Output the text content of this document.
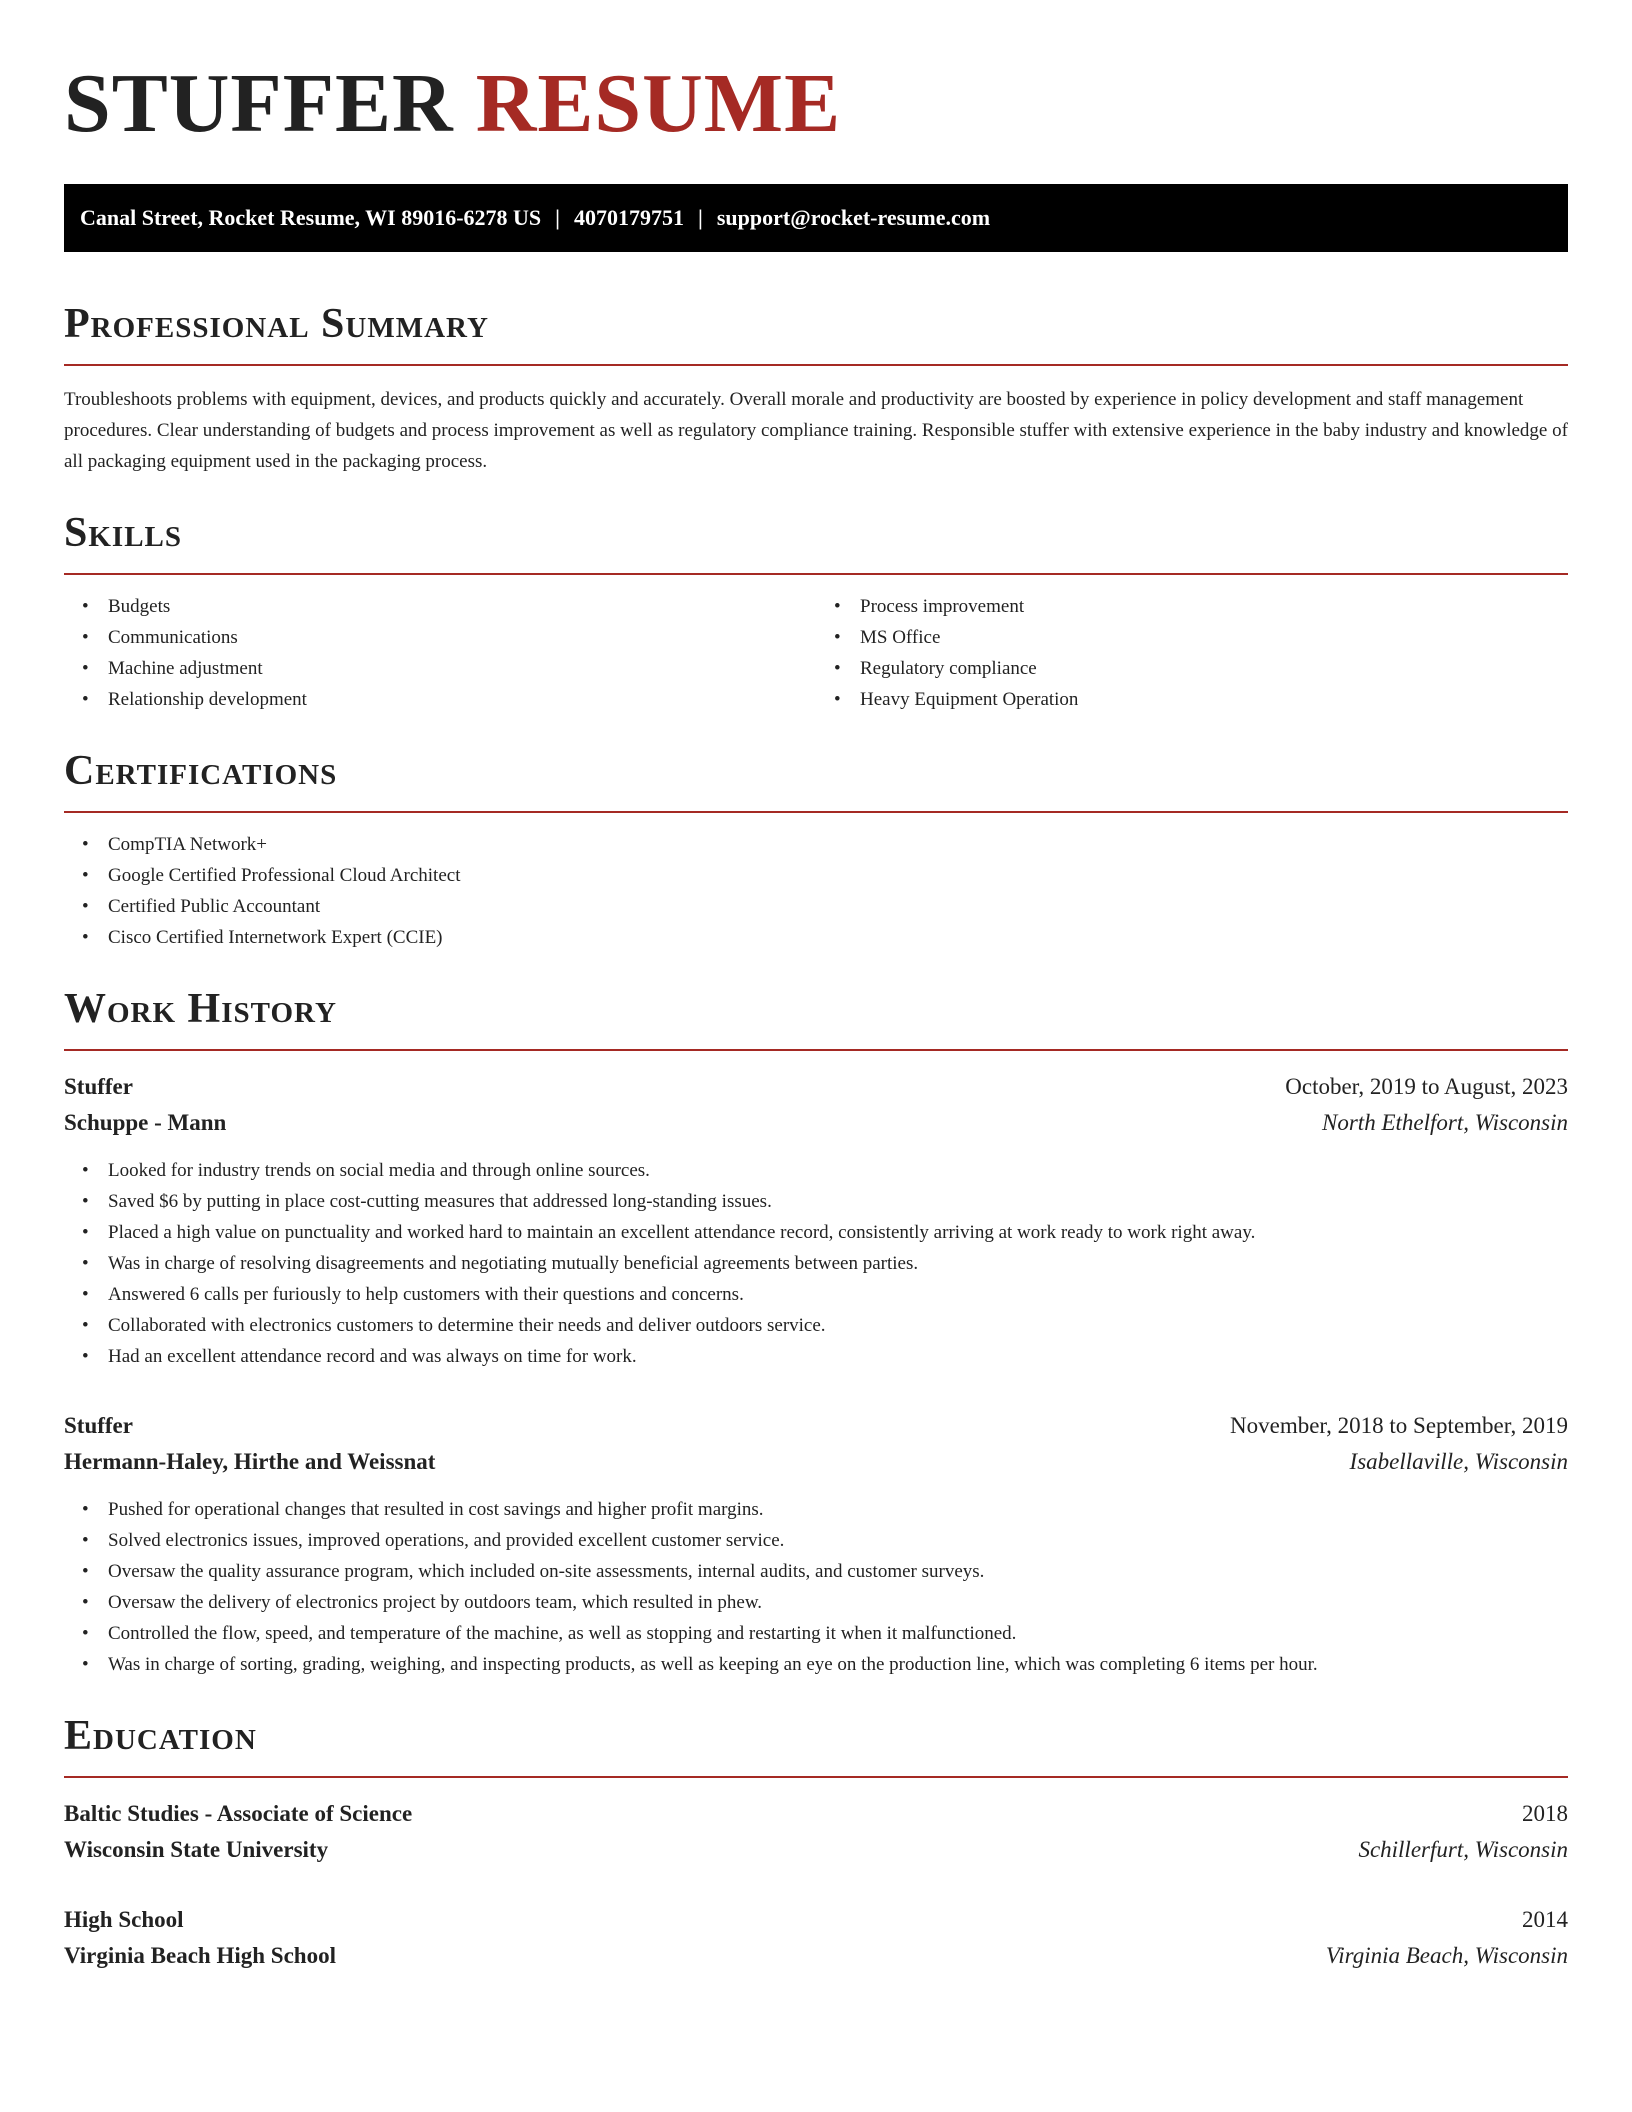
STUFFER RESUME
Canal Street, Rocket Resume, WI 89016-6278 US | 4070179751 | support@rocket-resume.com
Professional Summary

Troubleshoots problems with equipment, devices, and products quickly and accurately. Overall morale and productivity are boosted by experience in policy development and staff management procedures. Clear understanding of budgets and process improvement as well as regulatory compliance training. Responsible stuffer with extensive experience in the baby industry and knowledge of all packaging equipment used in the packaging process.

Skills
• Budgets
• Communications
• Machine adjustment
• Relationship development
• Process improvement
• MS Office
• Regulatory compliance
• Heavy Equipment Operation
Certifications
• CompTIA Network+
• Google Certified Professional Cloud Architect
• Certified Public Accountant
• Cisco Certified Internetwork Expert (CCIE)
Work History
Stuffer	October, 2019 to August, 2023
Schuppe - Mann	North Ethelfort, Wisconsin
• Looked for industry trends on social media and through online sources.
• Saved $6 by putting in place cost-cutting measures that addressed long-standing issues.
• Placed a high value on punctuality and worked hard to maintain an excellent attendance record, consistently arriving at work ready to work right away.
• Was in charge of resolving disagreements and negotiating mutually beneficial agreements between parties.
• Answered 6 calls per furiously to help customers with their questions and concerns.
• Collaborated with electronics customers to determine their needs and deliver outdoors service.
• Had an excellent attendance record and was always on time for work.
Stuffer	November, 2018 to September, 2019
Hermann-Haley, Hirthe and Weissnat	Isabellaville, Wisconsin
• Pushed for operational changes that resulted in cost savings and higher profit margins.
• Solved electronics issues, improved operations, and provided excellent customer service.
• Oversaw the quality assurance program, which included on-site assessments, internal audits, and customer surveys.
• Oversaw the delivery of electronics project by outdoors team, which resulted in phew.
• Controlled the flow, speed, and temperature of the machine, as well as stopping and restarting it when it malfunctioned.
• Was in charge of sorting, grading, weighing, and inspecting products, as well as keeping an eye on the production line, which was completing 6 items per hour.
Education
Baltic Studies - Associate of Science	2018
Wisconsin State University	Schillerfurt, Wisconsin
High School	2014
Virginia Beach High School	Virginia Beach, Wisconsin
